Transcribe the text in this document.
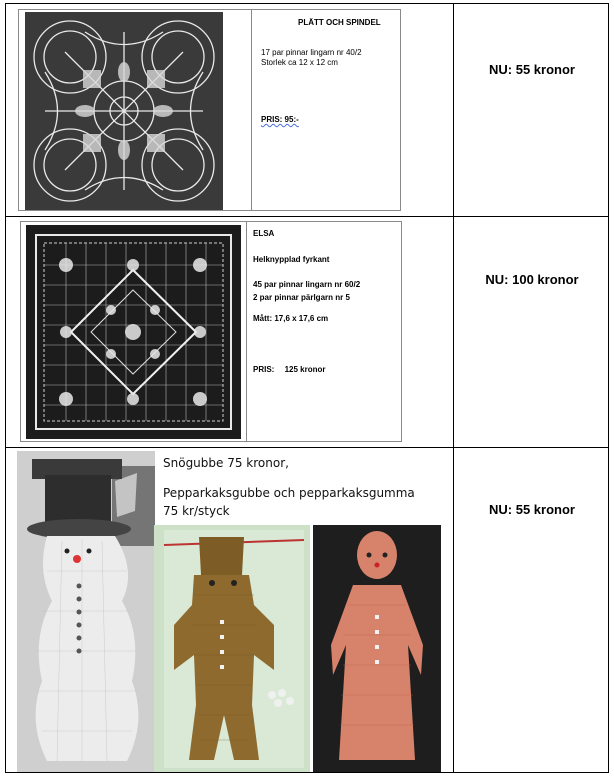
PLÄTT OCH SPINDEL
17 par pinnar lingarn nr 40/2
Storlek ca 12 x 12 cm
PRIS: 95:-
NU: 55 kronor
ELSA
Helknypplad fyrkant
45 par pinnar lingarn nr 60/2
2 par pinnar pärlgarn nr 5
Mått: 17,6 x 17,6 cm
PRIS: 125 kronor
NU: 100 kronor
Snögubbe 75 kronor,
Pepparkaksgubbe och pepparkaksgumma
75 kr/styck	NU: 55 kronor
